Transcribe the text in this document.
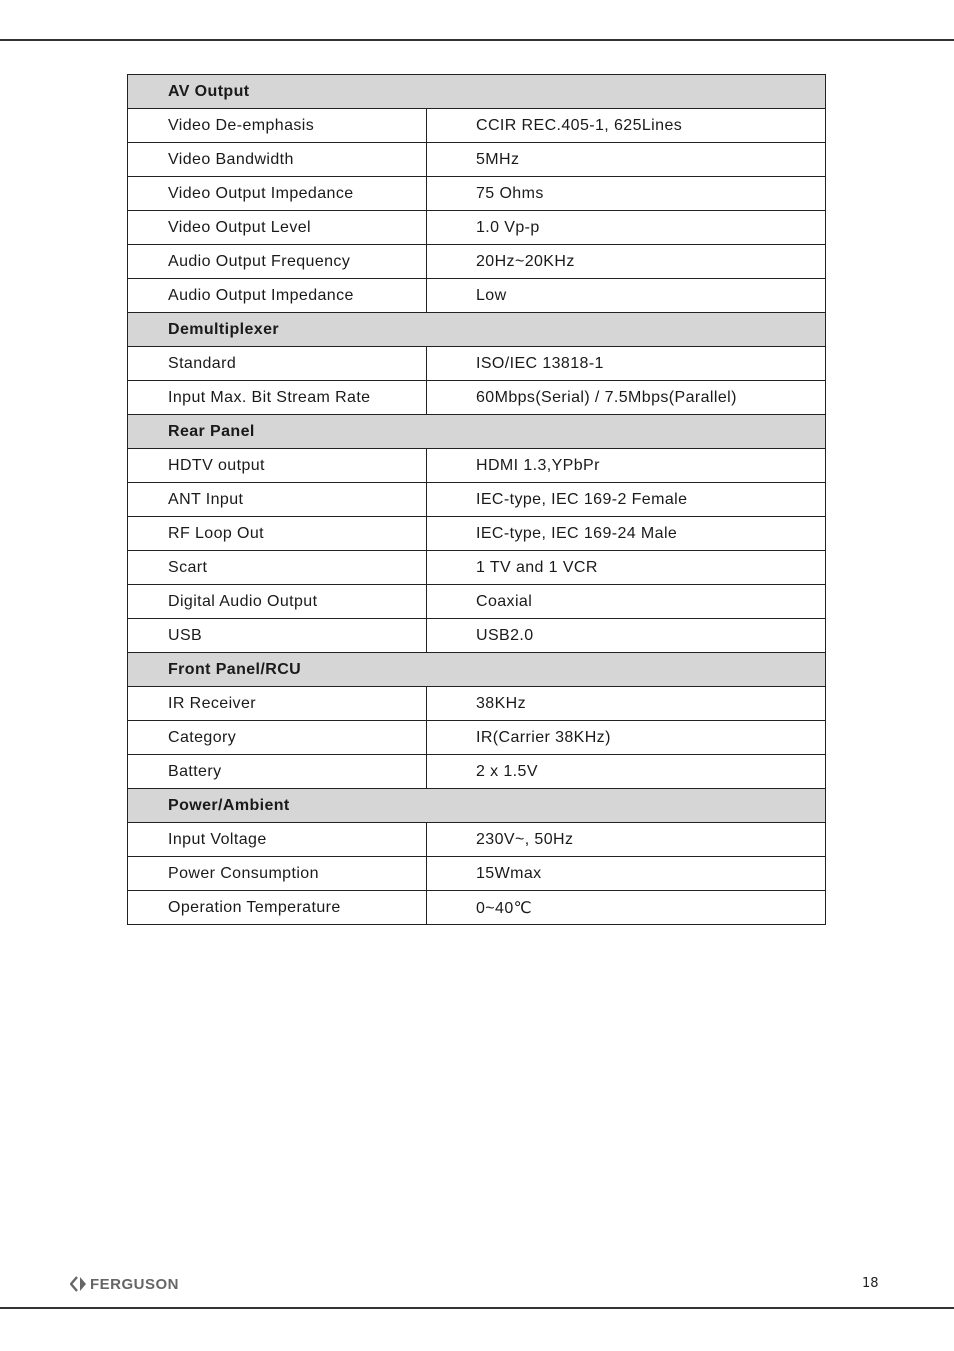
AV Output	
Video De-emphasis	CCIR REC.405-1, 625Lines
Video Bandwidth	5MHz
Video Output Impedance	75 Ohms
Video Output Level	1.0 Vp-p
Audio Output Frequency	20Hz~20KHz
Audio Output Impedance	Low
Demultiplexer	
Standard	ISO/IEC 13818-1
Input Max. Bit Stream Rate	60Mbps(Serial) / 7.5Mbps(Parallel)
Rear Panel	
HDTV output	HDMI 1.3,YPbPr
ANT Input	IEC-type, IEC 169-2 Female
RF Loop Out	IEC-type, IEC 169-24 Male
Scart	1 TV and 1 VCR
Digital Audio Output	Coaxial
USB	USB2.0
Front Panel/RCU	
IR Receiver	38KHz
Category	IR(Carrier 38KHz)
Battery	2 x 1.5V
Power/Ambient	
Input Voltage	230V~, 50Hz
Power Consumption	15Wmax
Operation Temperature	0~40℃
FERGUSON	18
